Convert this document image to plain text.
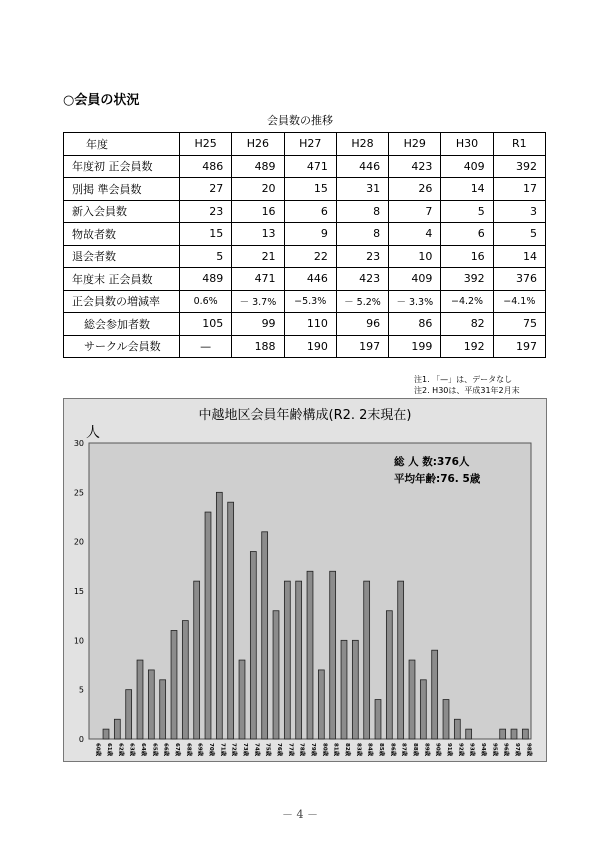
○会員の状況
会員数の推移
年度	H25	H26	H27	H28	H29	H30	R1
年度初 正会員数	486	489	471	446	423	409	392
別掲 準会員数	27	20	15	31	26	14	17
新入会員数	23	16	6	8	7	5	3
物故者数	15	13	9	8	4	6	5
退会者数	5	21	22	23	10	16	14
年度末 正会員数	489	471	446	423	409	392	376
正会員数の増減率	0.6%	－ 3.7%	−5.3%	－ 5.2%	－ 3.3%	−4.2%	−4.1%
総会参加者数	105	99	110	96	86	82	75
サークル会員数	—	188	190	197	199	192	197
注1. 「—」は、データなし
注2. H30は、平成31年2月末
中越地区会員年齢構成(R2. 2末現在)
人
0
5
10
15
20
25
30
60歳 61歳 62歳 63歳 64歳 65歳 66歳 67歳 68歳 69歳 70歳 71歳 72歳 73歳 74歳 75歳 76歳 77歳 78歳 79歳 80歳 81歳 82歳 83歳 84歳 85歳 86歳 87歳 88歳 89歳 90歳 91歳 92歳 93歳 94歳 95歳 96歳 97歳 98歳
総 人 数:376人
平均年齢:76. 5歳
－ 4 －
